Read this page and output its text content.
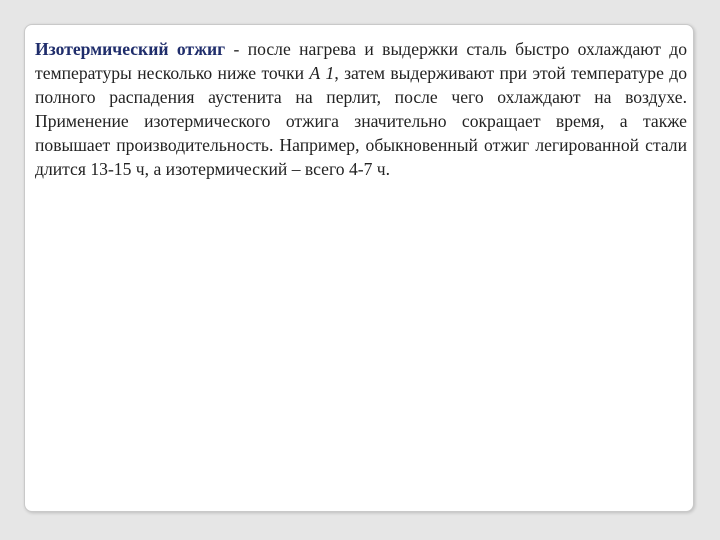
Изотермический отжиг - после нагрева и выдержки сталь быстро охлаждают до температуры несколько ниже точки А 1, затем выдерживают при этой температуре до полного распадения аустенита на перлит, после чего охлаждают на воздухе. Применение изотермического отжига значительно сокращает время, а также повышает производительность. Например, обыкновенный отжиг легированной стали длится 13-15 ч, а изотермический – всего 4-7 ч.
